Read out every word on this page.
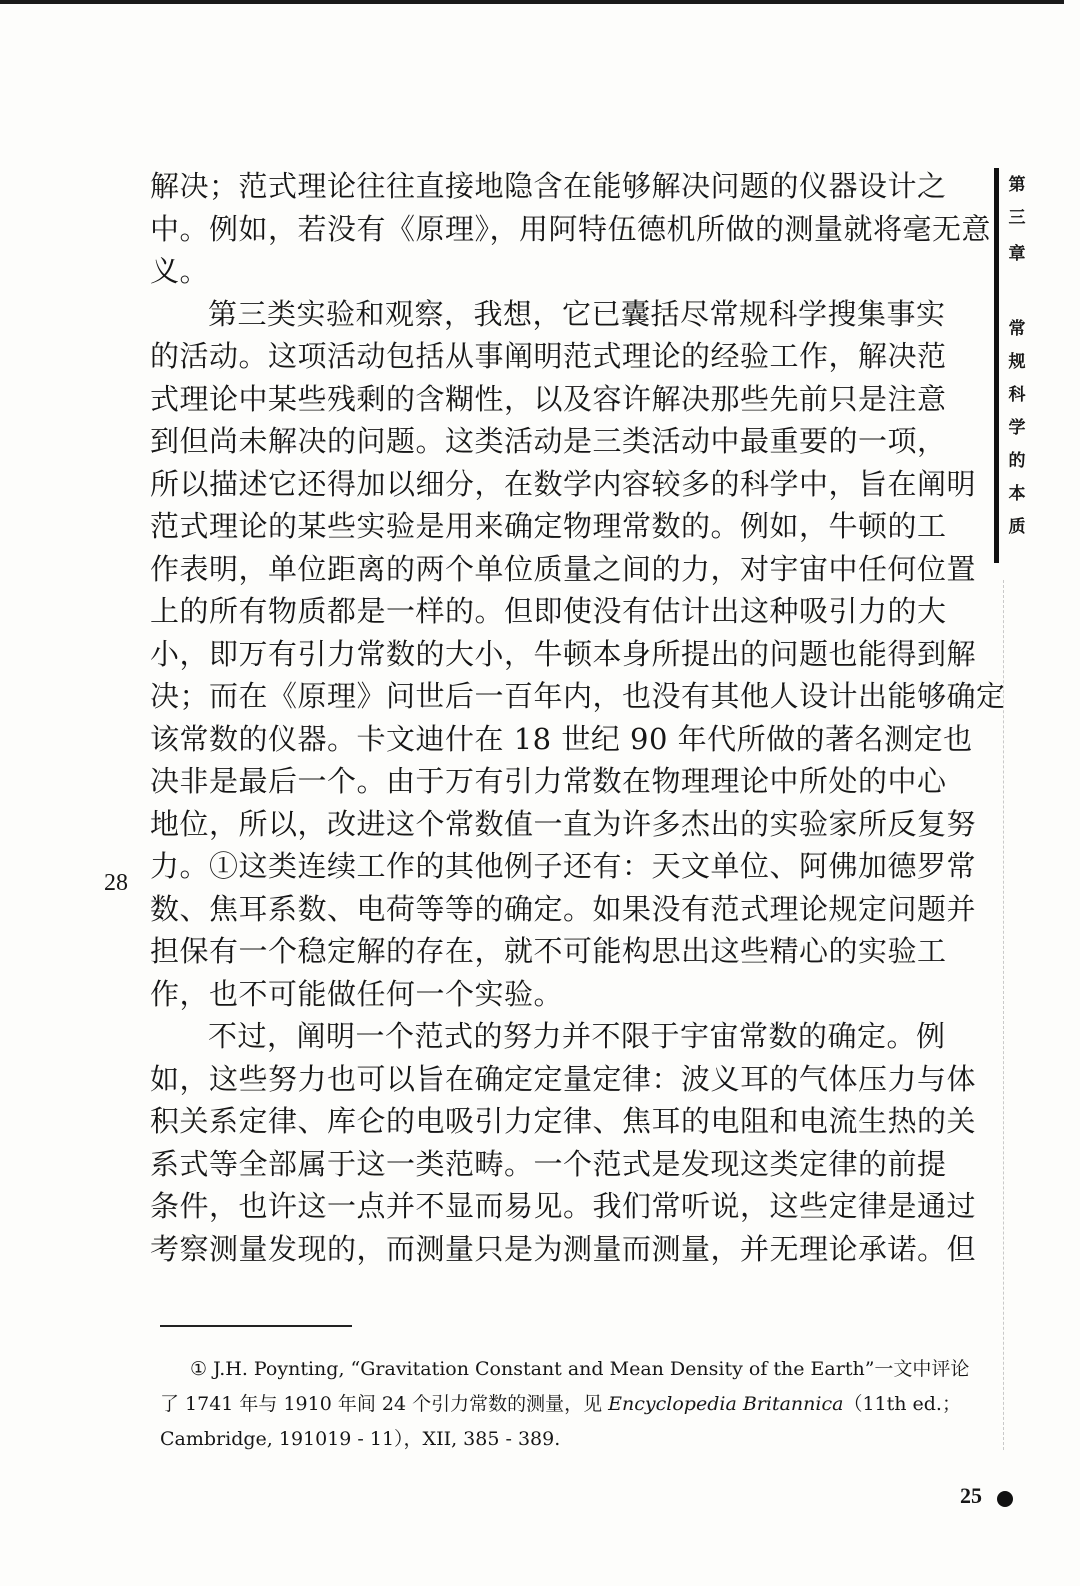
解决；范式理论往往直接地隐含在能够解决问题的仪器设计之
中。例如，若没有《原理》，用阿特伍德机所做的测量就将毫无意
义。
第三类实验和观察，我想，它已囊括尽常规科学搜集事实
的活动。这项活动包括从事阐明范式理论的经验工作，解决范
式理论中某些残剩的含糊性，以及容许解决那些先前只是注意
到但尚未解决的问题。这类活动是三类活动中最重要的一项，
所以描述它还得加以细分，在数学内容较多的科学中，旨在阐明
范式理论的某些实验是用来确定物理常数的。例如，牛顿的工
作表明，单位距离的两个单位质量之间的力，对宇宙中任何位置
上的所有物质都是一样的。但即使没有估计出这种吸引力的大
小，即万有引力常数的大小，牛顿本身所提出的问题也能得到解
决；而在《原理》问世后一百年内，也没有其他人设计出能够确定
该常数的仪器。卡文迪什在 18 世纪 90 年代所做的著名测定也
决非是最后一个。由于万有引力常数在物理理论中所处的中心
地位，所以，改进这个常数值一直为许多杰出的实验家所反复努
力。①这类连续工作的其他例子还有：天文单位、阿佛加德罗常
数、焦耳系数、电荷等等的确定。如果没有范式理论规定问题并
担保有一个稳定解的存在，就不可能构思出这些精心的实验工
作，也不可能做任何一个实验。
不过，阐明一个范式的努力并不限于宇宙常数的确定。例
如，这些努力也可以旨在确定定量定律：波义耳的气体压力与体
积关系定律、库仑的电吸引力定律、焦耳的电阻和电流生热的关
系式等全部属于这一类范畴。一个范式是发现这类定律的前提
条件，也许这一点并不显而易见。我们常听说，这些定律是通过
考察测量发现的，而测量只是为测量而测量，并无理论承诺。但
28
① J.H. Poynting, “Gravitation Constant and Mean Density of the Earth”一文中评论
了 1741 年与 1910 年间 24 个引力常数的测量，见 Encyclopedia Britannica（11th ed.；
Cambridge, 191019 - 11），XII, 385 - 389.
第
三
章
常
规
科
学
的
本
质
25
